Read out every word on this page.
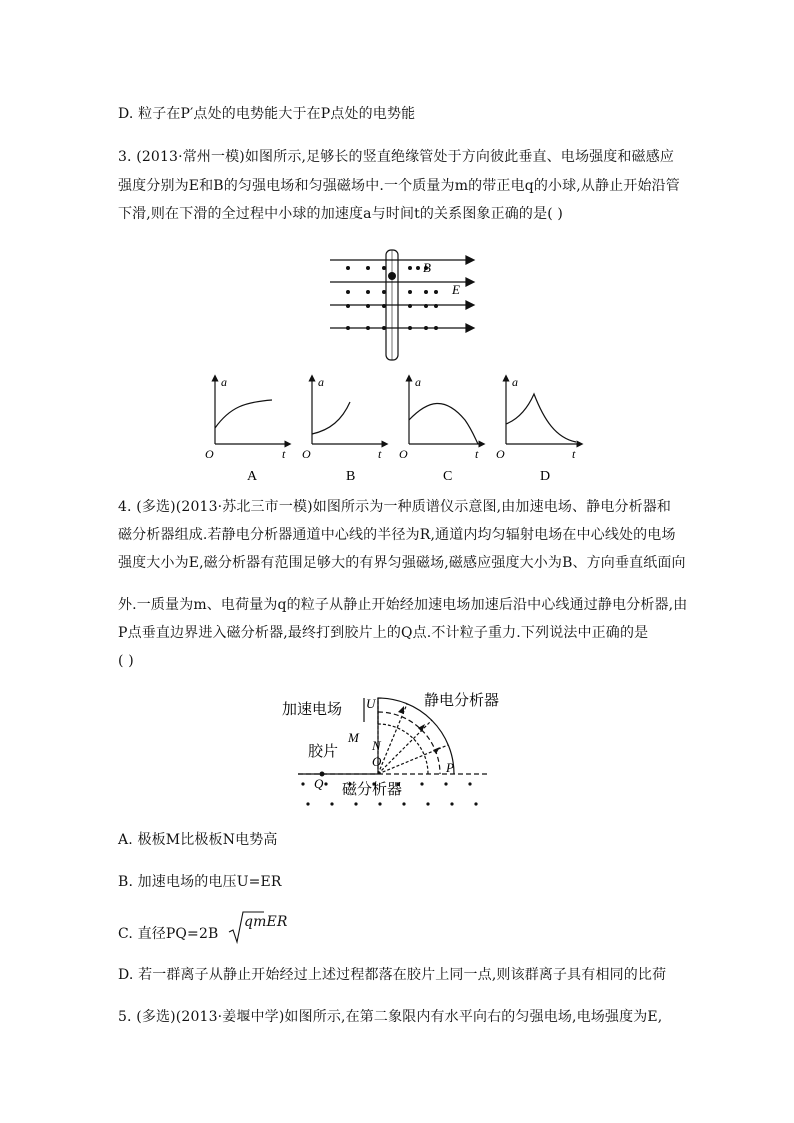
D. 粒子在P′点处的电势能大于在P点处的电势能
3. (2013·常州一模)如图所示,足够长的竖直绝缘管处于方向彼此垂直、电场强度和磁感应
强度分别为E和B的匀强电场和匀强磁场中.一个质量为m的带正电q的小球,从静止开始沿管
下滑,则在下滑的全过程中小球的加速度a与时间t的关系图象正确的是( )
B
E
a
O	t
A
a
O	t
B
a
O	t
C
a
O	t
D
4. (多选)(2013·苏北三市一模)如图所示为一种质谱仪示意图,由加速电场、静电分析器和
磁分析器组成.若静电分析器通道中心线的半径为R,通道内均匀辐射电场在中心线处的电场
强度大小为E,磁分析器有范围足够大的有界匀强磁场,磁感应强度大小为B、方向垂直纸面向
外.一质量为m、电荷量为q的粒子从静止开始经加速电场加速后沿中心线通过静电分析器,由
P点垂直边界进入磁分析器,最终打到胶片上的Q点.不计粒子重力.下列说法中正确的是
( )
加速电场
静电分析器
胶片
磁分析器
U
M
N
O
Q
P
A. 极板M比极板N电势高
B. 加速电场的电压U=ER
C. 直径PQ=2B
qmER
D. 若一群离子从静止开始经过上述过程都落在胶片上同一点,则该群离子具有相同的比荷
5. (多选)(2013·姜堰中学)如图所示,在第二象限内有水平向右的匀强电场,电场强度为E,
